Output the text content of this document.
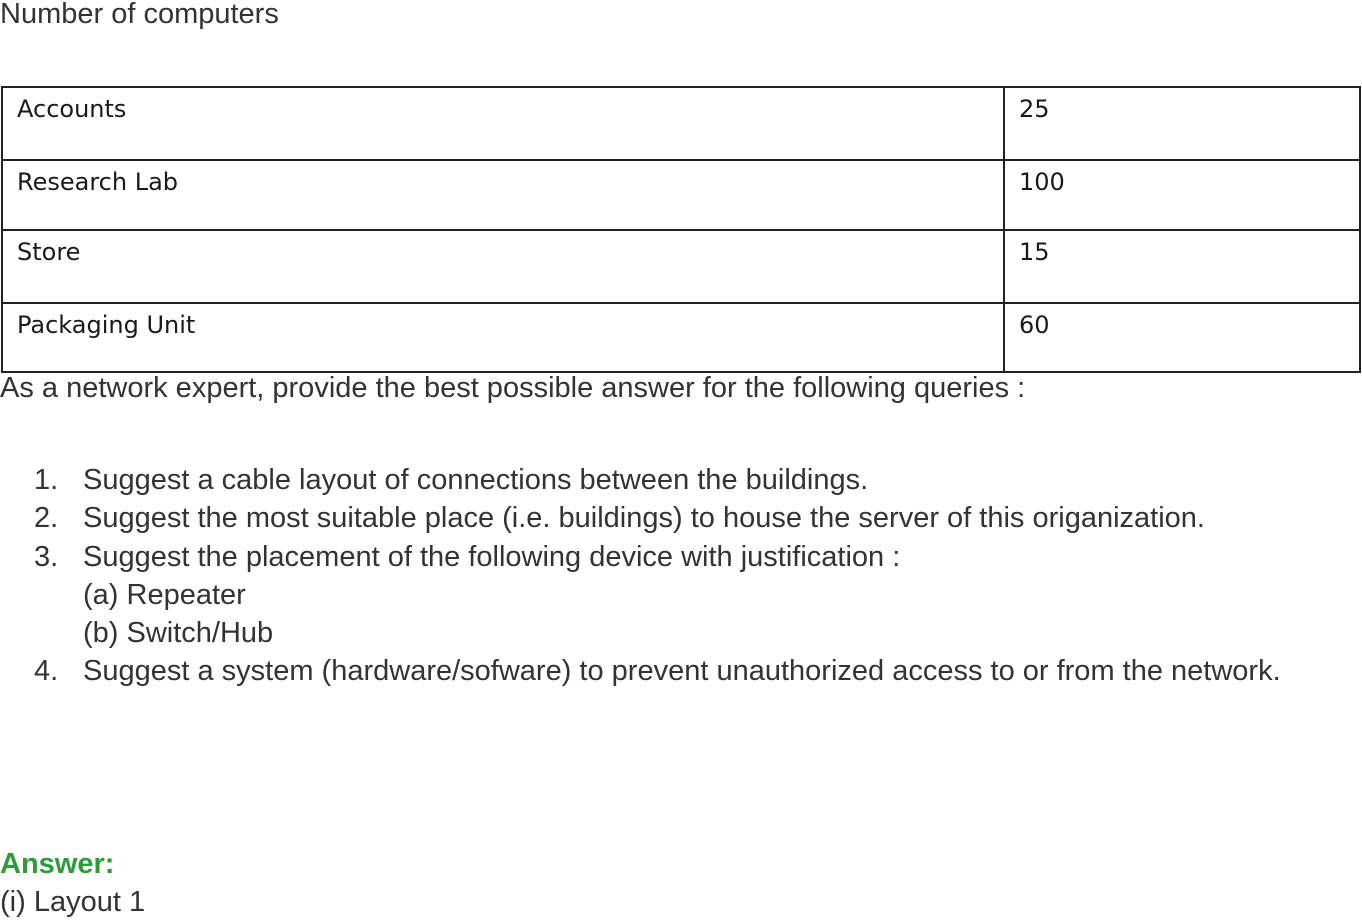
Number of computers
Accounts	25
Research Lab	100
Store	15
Packaging Unit	60
As a network expert, provide the best possible answer for the following queries :
1. Suggest a cable layout of connections between the buildings.
2. Suggest the most suitable place (i.e. buildings) to house the server of this origanization.
3. Suggest the placement of the following device with justification :
(a) Repeater
(b) Switch/Hub
4. Suggest a system (hardware/sofware) to prevent unauthorized access to or from the network.
Answer:
(i) Layout 1
